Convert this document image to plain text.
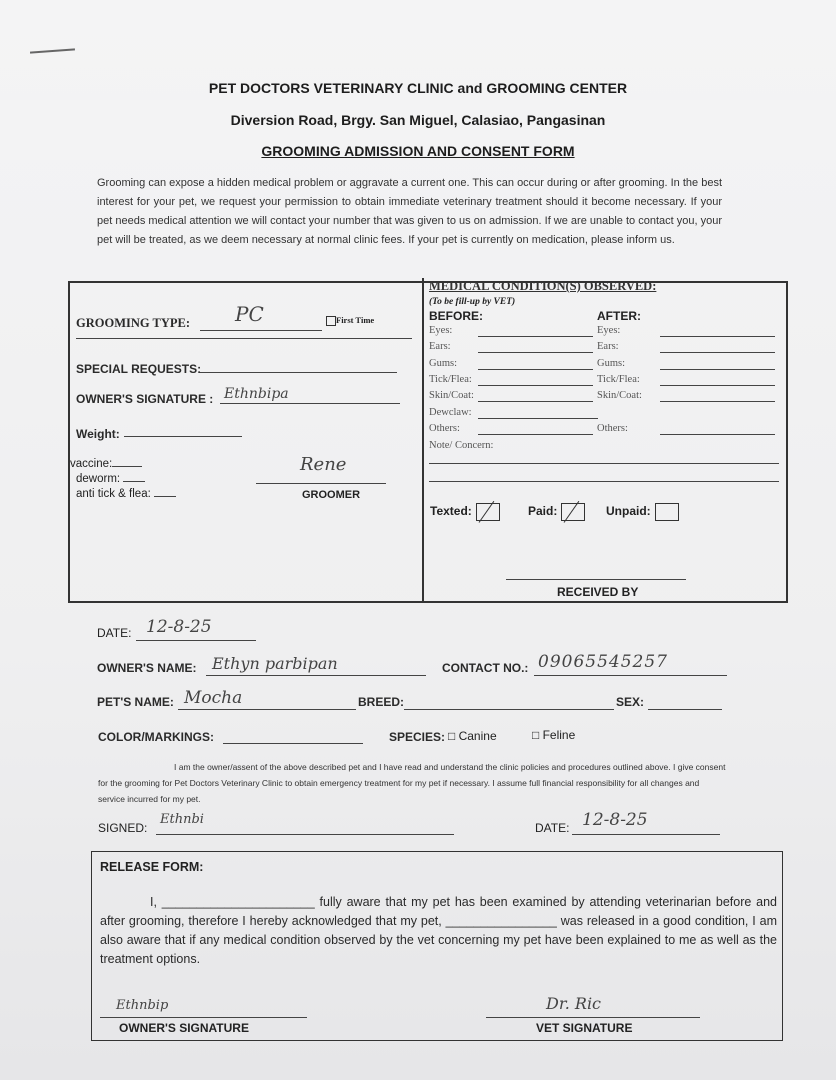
PET DOCTORS VETERINARY CLINIC and GROOMING CENTER
Diversion Road, Brgy. San Miguel, Calasiao, Pangasinan
GROOMING ADMISSION AND CONSENT FORM
Grooming can expose a hidden medical problem or aggravate a current one. This can occur during or after grooming. In the best interest for your pet, we request your permission to obtain immediate veterinary treatment should it become necessary. If your pet needs medical attention we will contact your number that was given to us on admission. If we are unable to contact you, your pet will be treated, as we deem necessary at normal clinic fees. If your pet is currently on medication, please inform us.
GROOMING TYPE: PC	First Time
SPECIAL REQUESTS:
OWNER'S SIGNATURE : Ethnbipa
Weight:
vaccine:
deworm:
anti tick & flea:
Rene
GROOMER
MEDICAL CONDITION(S) OBSERVED:
(To be fill-up by VET)
BEFORE:	AFTER:
Eyes:	Eyes:
Ears:	Ears:
Gums:	Gums:
Tick/Flea:	Tick/Flea:
Skin/Coat:	Skin/Coat:
Dewclaw:
Others:	Others:
Note/ Concern:
Texted:	Paid:	Unpaid:
RECEIVED BY
DATE: 12-8-25
OWNER'S NAME: Ethyn parbipan	CONTACT NO.: 09065545257
PET'S NAME: Mocha	BREED:	SEX:
COLOR/MARKINGS:	SPECIES: □ Canine	□ Feline
I am the owner/assent of the above described pet and I have read and understand the clinic policies and procedures outlined above. I give consent for the grooming for Pet Doctors Veterinary Clinic to obtain emergency treatment for my pet if necessary. I assume full financial responsibility for all changes and service incurred for my pet.
SIGNED:
Ethnbi
DATE: 12-8-25
RELEASE FORM:
I, ______________________ fully aware that my pet has been examined by attending veterinarian before and after grooming, therefore I hereby acknowledged that my pet, ________________ was released in a good condition, I am also aware that if any medical condition observed by the vet concerning my pet have been explained to me as well as the treatment options.
Ethnbip
OWNER'S SIGNATURE
Dr. Ric
VET SIGNATURE
